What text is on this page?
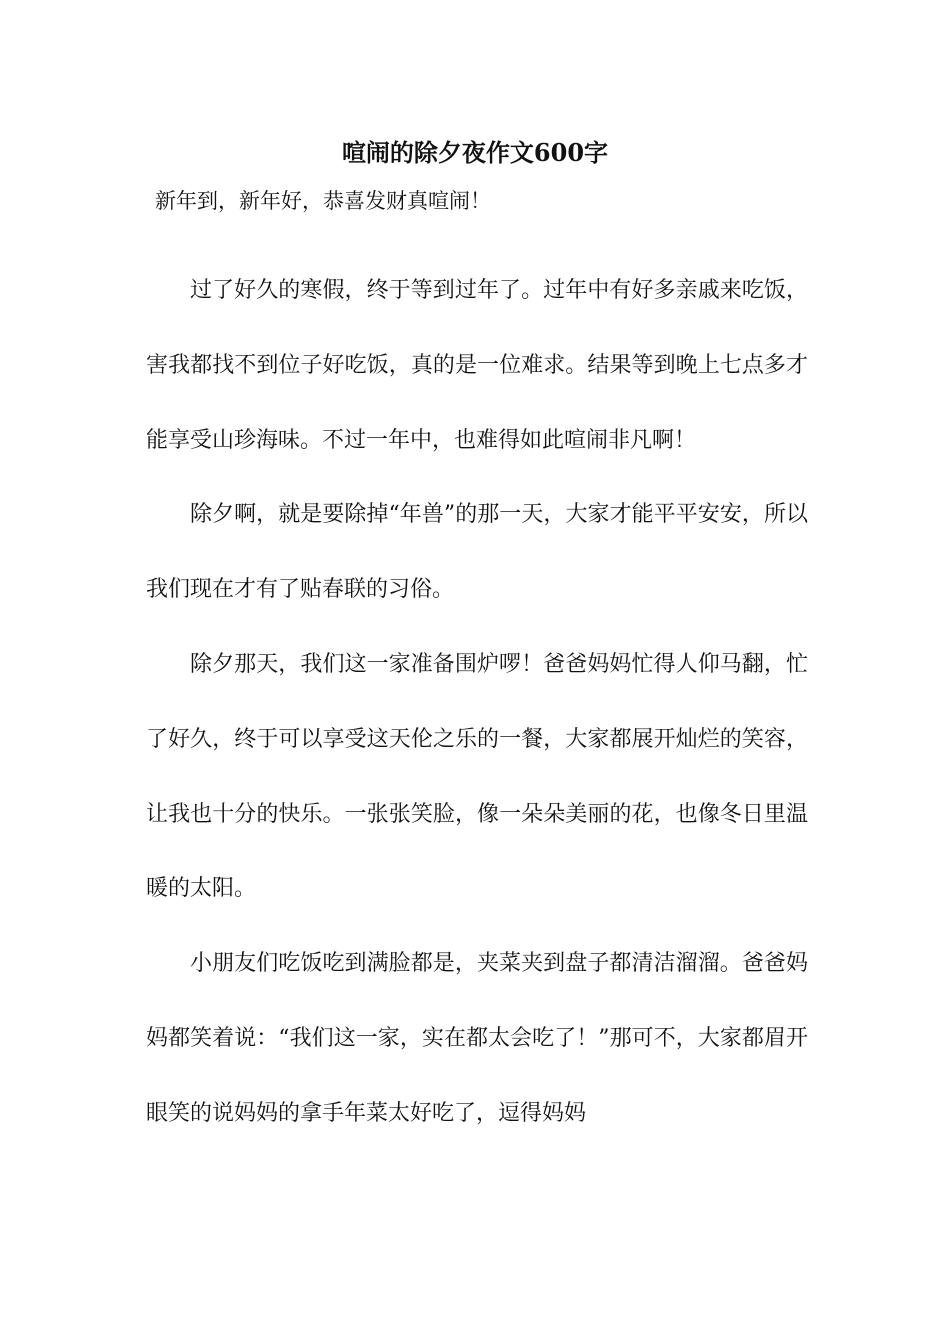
喧闹的除夕夜作文600字
新年到，新年好，恭喜发财真喧闹！

过了好久的寒假，终于等到过年了。过年中有好多亲戚来吃饭，害我都找不到位子好吃饭，真的是一位难求。结果等到晚上七点多才能享受山珍海味。不过一年中，也难得如此喧闹非凡啊！

除夕啊，就是要除掉“年兽”的那一天，大家才能平平安安，所以我们现在才有了贴春联的习俗。

除夕那天，我们这一家准备围炉啰！爸爸妈妈忙得人仰马翻，忙了好久，终于可以享受这天伦之乐的一餐，大家都展开灿烂的笑容，让我也十分的快乐。一张张笑脸，像一朵朵美丽的花，也像冬日里温暖的太阳。

小朋友们吃饭吃到满脸都是，夹菜夹到盘子都清洁溜溜。爸爸妈妈都笑着说：“我们这一家，实在都太会吃了！”那可不，大家都眉开眼笑的说妈妈的拿手年菜太好吃了，逗得妈妈
